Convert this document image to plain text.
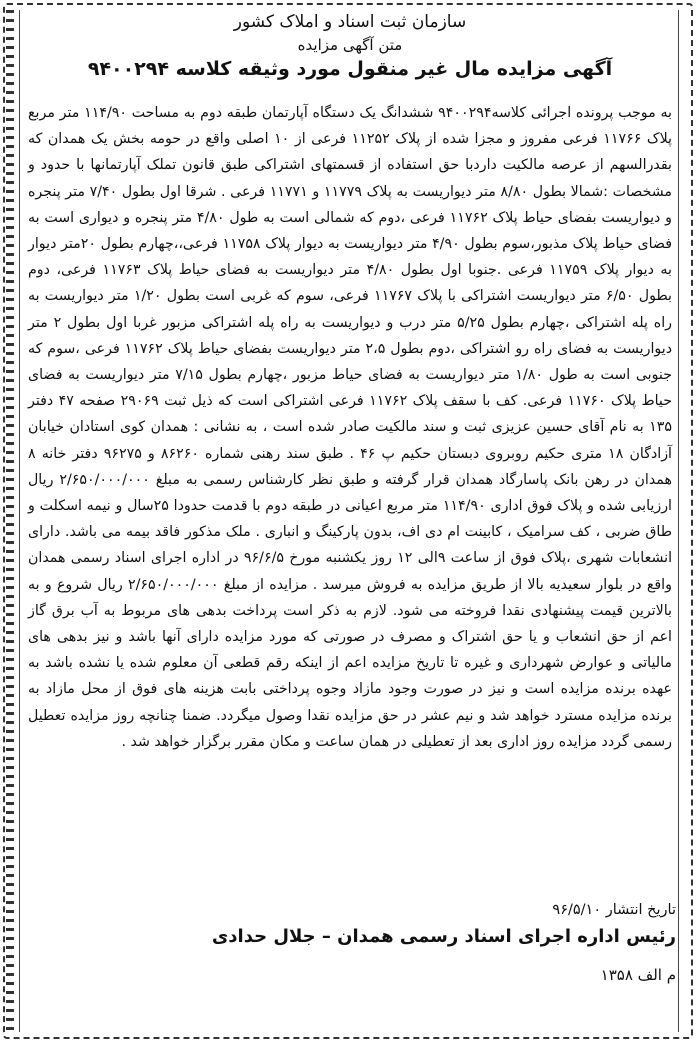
سازمان ثبت اسناد و املاک کشور
متن آگهی مزایده
آگهی مزایده مال غیر منقول مورد وثیقه کلاسه ۹۴۰۰۲۹۴

به موجب پرونده اجرائی کلاسه۹۴۰۰۲۹۴ ششدانگ یک دستگاه آپارتمان طبقه دوم به مساحت ۱۱۴/۹۰ متر مربع پلاک ۱۱۷۶۶ فرعی مفروز و مجزا شده از پلاک ۱۱۲۵۲ فرعی از ۱۰ اصلی واقع در حومه بخش یک همدان که بقدرالسهم از عرصه مالکیت داردبا حق استفاده از قسمتهای اشتراکی طبق قانون تملک آپارتمانها با حدود و مشخصات :شمالا بطول ۸/۸۰ متر دیواریست به پلاک ۱۱۷۷۹ و ۱۱۷۷۱ فرعی . شرقا اول بطول ۷/۴۰ متر پنجره و دیواریست بفضای حیاط پلاک ۱۱۷۶۲ فرعی ،دوم که شمالی است به طول ۴/۸۰ متر پنجره و دیواری است به فضای حیاط پلاک مذبور،سوم بطول ۴/۹۰ متر دیواریست به دیوار پلاک ۱۱۷۵۸ فرعی،،چهارم بطول ۲۰متر دیوار به دیوار پلاک ۱۱۷۵۹ فرعی .جنوبا اول بطول ۴/۸۰ متر دیواریست به فضای حیاط پلاک ۱۱۷۶۳ فرعی، دوم بطول ۶/۵۰ متر دیواریست اشتراکی با پلاک ۱۱۷۶۷ فرعی، سوم که غربی است بطول ۱/۲۰ متر دیواریست به راه پله اشتراکی ،چهارم بطول ۵/۲۵ متر درب و دیواریست به راه پله اشتراکی مزبور غربا اول بطول ۲ متر دیواریست به فضای راه رو اشتراکی ،دوم بطول ۲،۵ متر دیواریست بفضای حیاط پلاک ۱۱۷۶۲ فرعی ،سوم که جنوبی است به طول ۱/۸۰ متر دیواریست به فضای حیاط مزبور ،چهارم بطول ۷/۱۵ متر دیواریست به فضای حیاط پلاک ۱۱۷۶۰ فرعی. کف با سقف پلاک ۱۱۷۶۲ فرعی اشتراکی است که ذیل ثبت ۲۹۰۶۹ صفحه ۴۷ دفتر ۱۳۵ به نام آقای حسین عزیزی ثبت و سند مالکیت صادر شده است ، به نشانی : همدان کوی استادان خیابان آزادگان ۱۸ متری حکیم روبروی دبستان حکیم پ ۴۶ . طبق سند رهنی شماره ۸۶۲۶۰ و ۹۶۲۷۵ دفتر خانه ۸ همدان در رهن بانک پاسارگاد همدان قرار گرفته و طبق نظر کارشناس رسمی به مبلغ ۲/۶۵۰/۰۰۰/۰۰۰ ریال ارزیابی شده و پلاک فوق اداری ۱۱۴/۹۰ متر مربع اعیانی در طبقه دوم با قدمت حدودا ۲۵سال و نیمه اسکلت و طاق ضربی ، کف سرامیک ، کابینت ام دی اف، بدون پارکینگ و انباری . ملک مذکور فاقد بیمه می باشد. دارای انشعابات شهری ،پلاک فوق از ساعت ۹الی ۱۲ روز یکشنبه مورخ ۹۶/۶/۵ در اداره اجرای اسناد رسمی همدان واقع در بلوار سعیدیه بالا از طریق مزایده به فروش میرسد . مزایده از مبلغ ۲/۶۵۰/۰۰۰/۰۰۰ ریال شروع و به بالاترین قیمت پیشنهادی نقدا فروخته می شود. لازم به ذکر است پرداخت بدهی های مربوط به آب برق گاز اعم از حق انشعاب و یا حق اشتراک و مصرف در صورتی که مورد مزایده دارای آنها باشد و نیز بدهی های مالیاتی و عوارض شهرداری و غیره تا تاریخ مزایده اعم از اینکه رقم قطعی آن معلوم شده یا نشده باشد به عهده برنده مزایده است و نیز در صورت وجود مازاد وجوه پرداختی بابت هزینه های فوق از محل مازاد به برنده مزایده مسترد خواهد شد و نیم عشر در حق مزایده نقدا وصول میگردد. ضمنا چنانچه روز مزایده تعطیل رسمی گردد مزایده روز اداری بعد از تعطیلی در همان ساعت و مکان مقرر برگزار خواهد شد .

تاریخ انتشار ۹۶/۵/۱۰
رئیس اداره اجرای اسناد رسمی همدان – جلال حدادی
م الف ۱۳۵۸
